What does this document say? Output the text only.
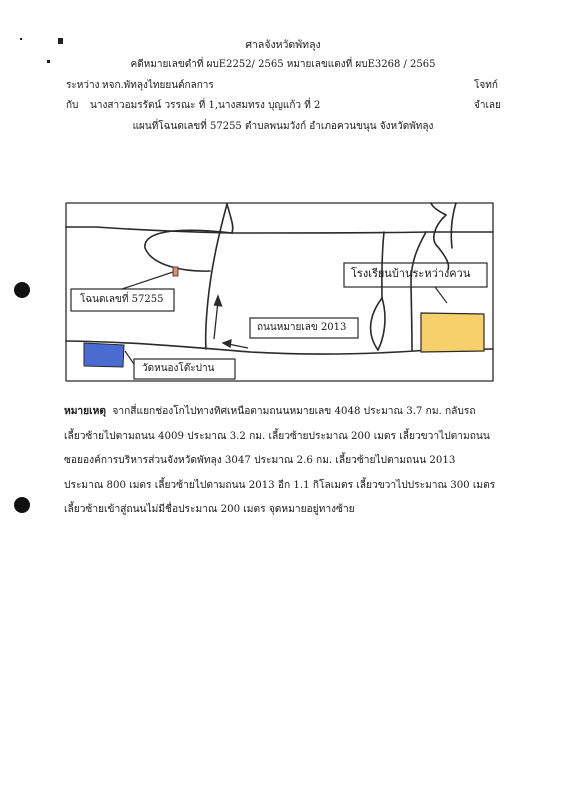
ศาลจังหวัดพัทลุง
คดีหมายเลขดำที่ ผบE2252/ 2565 หมายเลขแดงที่ ผบE3268 / 2565
ระหว่าง หจก.พัทลุงไทยยนต์กลการ	โจทก์
กับ นางสาวอมรรัตน์ วรรณะ ที่ 1,นางสมทรง บุญแก้ว ที่ 2	จำเลย
แผนที่โฉนดเลขที่ 57255 ตำบลพนมวังก์ อำเภอควนขนุน จังหวัดพัทลุง
โฉนดเลขที่ 57255
ถนนหมายเลข 2013
โรงเรียนบ้านระหว่างควน
วัดหนองโต๊ะปาน
หมายเหตุ จากสี่แยกช่องโกไปทางทิศเหนือตามถนนหมายเลข 4048 ประมาณ 3.7 กม. กลับรถ
เลี้ยวซ้ายไปตามถนน 4009 ประมาณ 3.2 กม. เลี้ยวซ้ายประมาณ 200 เมตร เลี้ยวขวาไปตามถนน
ซอยองค์การบริหารส่วนจังหวัดพัทลุง 3047 ประมาณ 2.6 กม. เลี้ยวซ้ายไปตามถนน 2013
ประมาณ 800 เมตร เลี้ยวซ้ายไปตามถนน 2013 อีก 1.1 กิโลเมตร เลี้ยวขวาไปประมาณ 300 เมตร
เลี้ยวซ้ายเข้าสู่ถนนไม่มีชื่อประมาณ 200 เมตร จุดหมายอยู่ทางซ้าย
